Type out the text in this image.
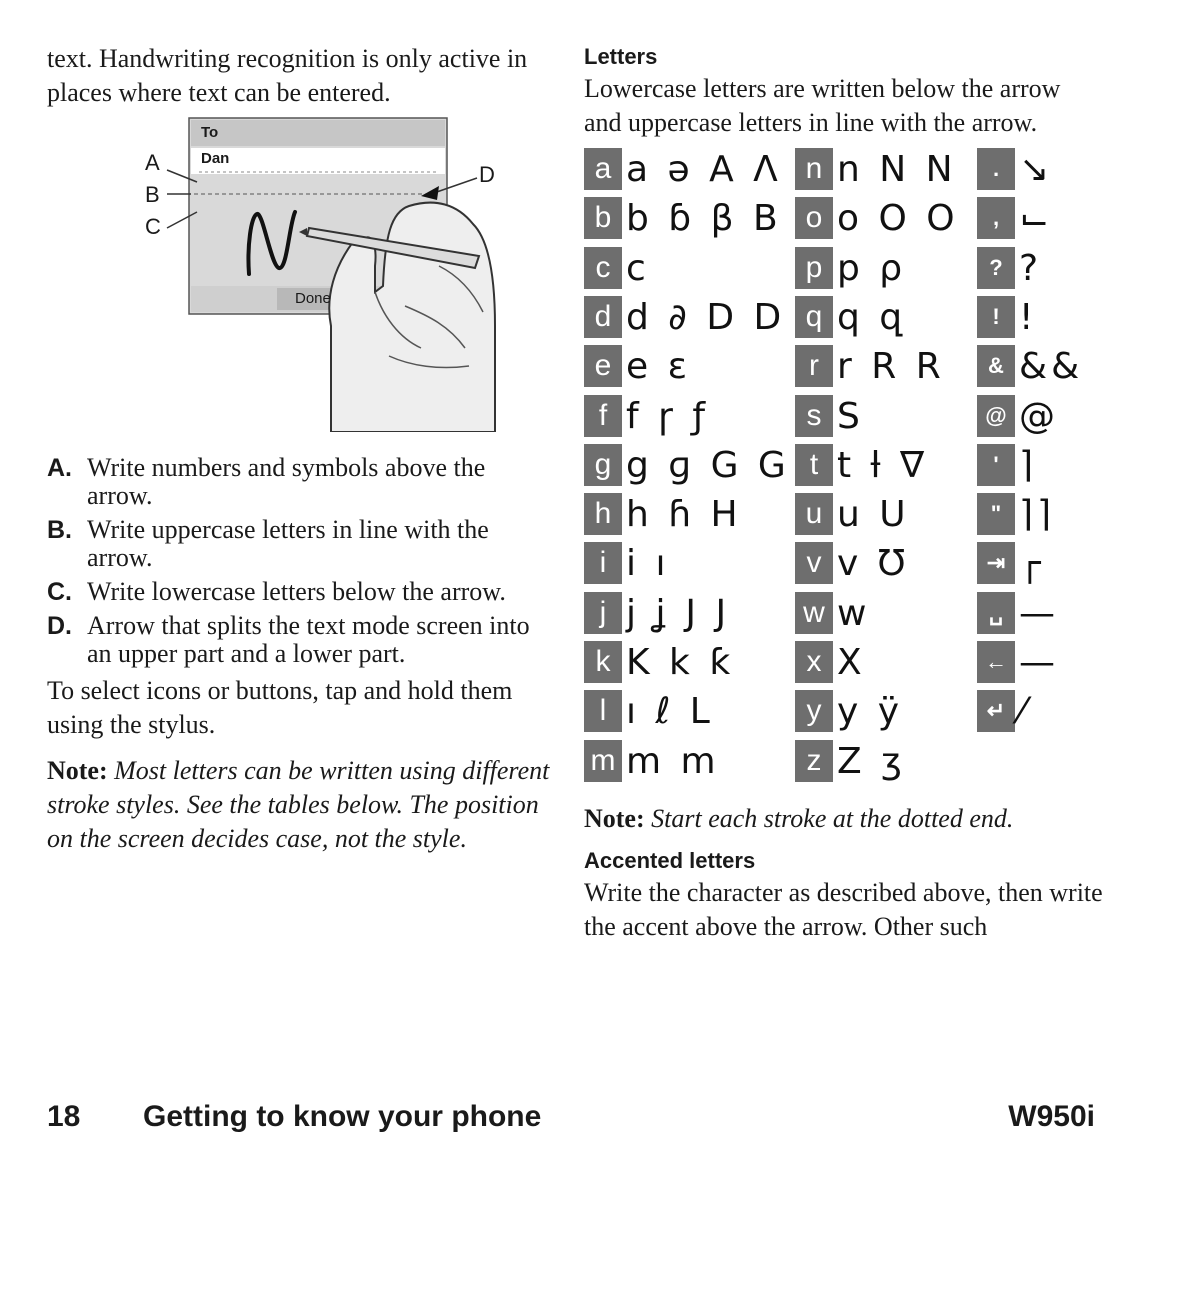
text. Handwriting recognition is only active in places where text can be entered.

A
B
C
D
To
Dan
Done
A. Write numbers and symbols above the arrow.
B. Write uppercase letters in line with the arrow.
C. Write lowercase letters below the arrow.
D. Arrow that splits the text mode screen into an upper part and a lower part.

To select icons or buttons, tap and hold them using the stylus.

Note: Most letters can be written using different stroke styles. See the tables below. The position on the screen decides case, not the style.

Letters

Lowercase letters are written below the arrow and uppercase letters in line with the arrow.

a a ə A Λ
b b ɓ β B
c c
d d ∂ D D
e e ε
f f ɼ ƒ
g g ɡ G G
h h ɦ H
i i ı
j j ʝ J J
k K k ƙ
l ı ℓ L
m m m
n n N N
o o O O
p p ρ
q q զ
r r R R
s S
t t ƚ ∇
u u U
v v Ʊ
w w
x X
y y ÿ
z Z ʒ
. ↘
, ⌙
? ?
! !
& &&
@ @
' ⌉
" ⌉⌉
⇥ ┌
␣ —
← —
↵ ⁄

Note: Start each stroke at the dotted end.

Accented letters

Write the character as described above, then write the accent above the arrow. Other such

18 Getting to know your phone	W950i
